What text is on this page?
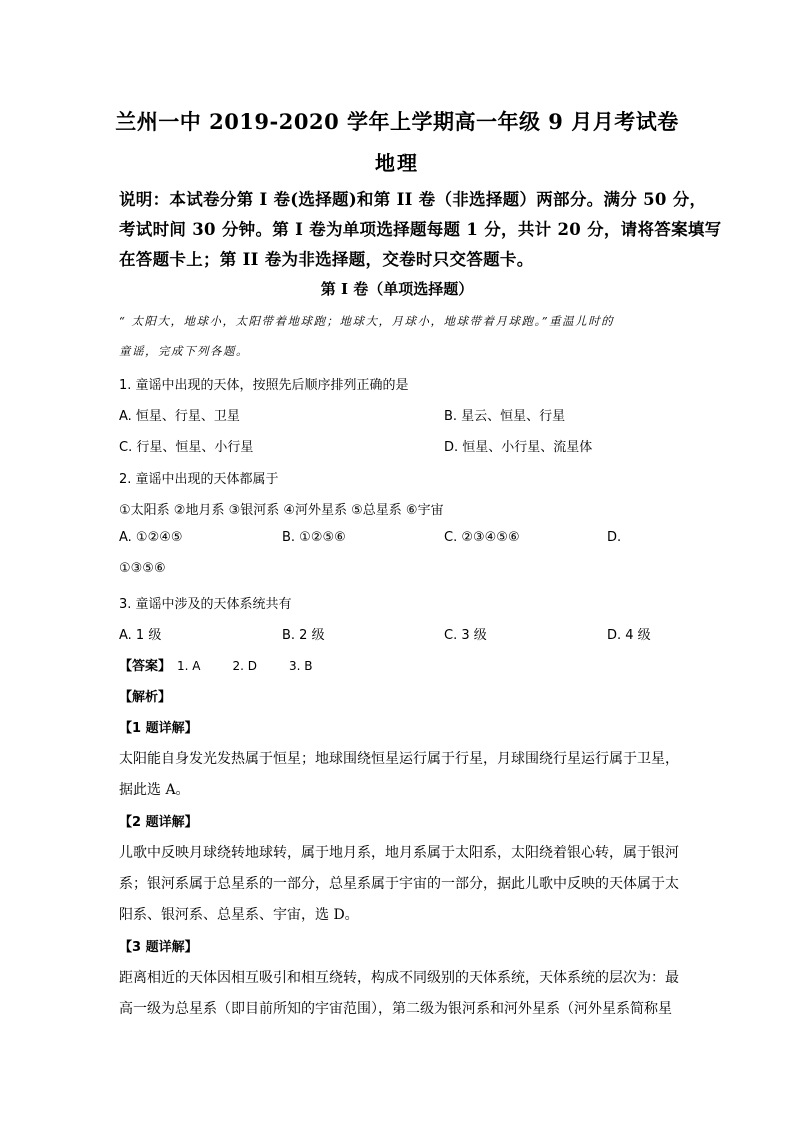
兰州一中 2019-2020 学年上学期高一年级 9 月月考试卷
地理
说明：本试卷分第 I 卷(选择题)和第 II 卷（非选择题）两部分。满分 50 分，
考试时间 30 分钟。第 I 卷为单项选择题每题 1 分，共计 20 分，请将答案填写
在答题卡上；第 II 卷为非选择题，交卷时只交答题卡。
第 I 卷（单项选择题）
“ 太阳大，地球小，太阳带着地球跑；地球大，月球小，地球带着月球跑。”重温儿时的
童谣，完成下列各题。
1. 童谣中出现的天体，按照先后顺序排列正确的是
A. 恒星、行星、卫星	B. 星云、恒星、行星
C. 行星、恒星、小行星	D. 恒星、小行星、流星体
2. 童谣中出现的天体都属于
①太阳系 ②地月系 ③银河系 ④河外星系 ⑤总星系 ⑥宇宙
A. ①②④⑤	B. ①②⑤⑥	C. ②③④⑤⑥	D.
①③⑤⑥
3. 童谣中涉及的天体系统共有
A. 1 级	B. 2 级	C. 3 级	D. 4 级
【答案】 1. A	2. D	3. B
【解析】
【1 题详解】
太阳能自身发光发热属于恒星；地球围绕恒星运行属于行星，月球围绕行星运行属于卫星，
据此选 A。
【2 题详解】
儿歌中反映月球绕转地球转，属于地月系，地月系属于太阳系，太阳绕着银心转，属于银河
系；银河系属于总星系的一部分，总星系属于宇宙的一部分，据此儿歌中反映的天体属于太
阳系、银河系、总星系、宇宙，选 D。
【3 题详解】
距离相近的天体因相互吸引和相互绕转，构成不同级别的天体系统，天体系统的层次为：最
高一级为总星系（即目前所知的宇宙范围），第二级为银河系和河外星系（河外星系简称星
